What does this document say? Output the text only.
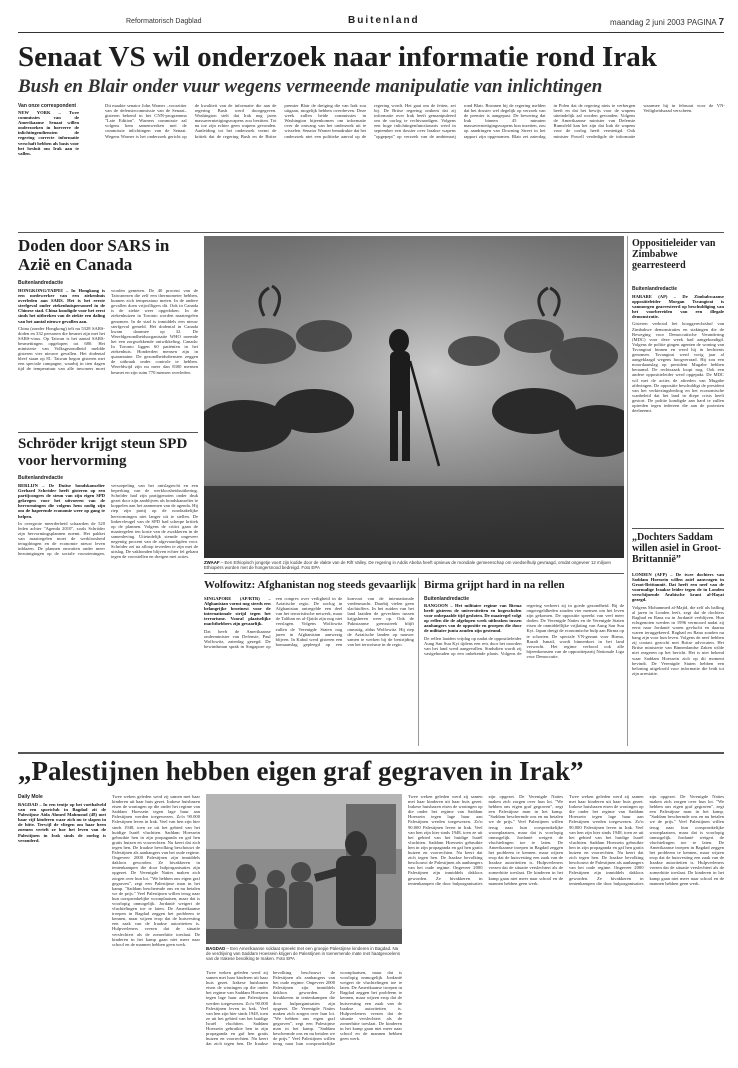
Reformatorisch Dagblad	Buitenland	maandag 2 juni 2003 PAGINA 7
Senaat VS wil onderzoek naar informatie rond Irak
Bush en Blair onder vuur wegens vermeende manipulatie van inlichtingen
Van onze correspondent

NEW YORK – Twee commissies van de Amerikaanse Senaat willen onderzoeken in hoeverre de inlichtingendiensten de regering correcte informatie verschaft hebben als basis voor het besluit om Irak aan te vallen.

Dit maakte senator John Warner –voorzitter van de defensiecommissie van de Senaat– gisteren bekend in het CNN-programma "Late Edition". Warners commissie zal volgens hem samenwerken met de commissie inlichtingen van de Senaat. Wegens Warner is het onderzoek gericht op de kwaliteit van de informatie die aan de regering Bush werd doorgegeven. Washington stelt dat Irak nog jaren massavernietigingswapens zou bezitten. Tot nu toe zijn echter geen wapens gevonden. Aanleiding tot het onderzoek vormt de kritiek dat de regering Bush en de Britse premier Blair de dreiging die van Irak zou uitgaan, mogelijk hebben overdreven. Deze week zullen beide commissies in Washington bijeenkomen om informatie over de omvang van het onderzoek uit te wisselen. Senator Warner benadrukte dat het onderzoek niet een politieke aanval op de regering wordt. Het gaat om de feiten, zei hij. De Britse regering ontkent dat zij informatie over Irak heeft gemanipuleerd om de oorlog te rechtvaardigen. Volgens een hoge inlichtingenfunctionaris werd in september een dossier over Iraakse wapens "opgepept" op verzoek van de ambtenarij rond Blair. Bronnen bij de regering melden dat het dossier wel degelijk op verzoek van de premier is aangepast. De bewering dat Irak binnen 45 minuten massavernietigingswapens kon inzetten, zou op aandringen van Downing Street in het rapport zijn opgenomen. Blair zei zaterdag in Polen dat de regering niets te verbergen heeft en dat het bewijs voor de wapens uiteindelijk zal worden gevonden. Volgens de Amerikaanse minister van Defensie Rumsfeld kan het zijn dat Irak de wapens voor de oorlog heeft vernietigd. Ook minister Powell verdedigde de informatie waarmee hij in februari voor de VN-Veiligheidsraad verscheen.

Doden door SARS in Azië en Canada
Buitenlandredactie

HONGKONG/TAIPEI – In Hongkong is een medewerker van een ziekenhuis overleden aan SARS. Het is het eerste sterfgeval onder ziekenhuispersoneel in de Chinese stad. China kondigde voor het eerst sinds het uitbreken van de ziekte een daling van het aantal nieuwe gevallen aan.

China (zonder Hongkong) telt nu 5328 SARS-doden en 332 personen die besmet zijn met het SARS-virus. Op Taiwan is het aantal SARS-besmettingen opgelopen tot 680. Het ministerie van Volksgezondheid meldde gisteren vier nieuwe gevallen. Het dodental bleef staan op 81. Taiwan begon gisteren met een speciale campagne, waarbij in tien dagen tijd de temperatuur van alle inwoners moet worden gemeten. De 40 procent van de Taiwanezen die zelf een thermometer hebben, kunnen zich temperatuur meten. In de andere gevallen doen vrijwilligers dit. Ook in Canada is de ziekte weer opgedoken. In de ziekenhuizen in Toronto worden maatregelen genomen. In de stad is inmiddels een nieuw sterfgeval gemeld. Het dodental in Canada kwam daarmee op 32. De Wereldgezondheidsorganisatie WHO noemde het een zorgwekkende ontwikkeling. Canada: In Toronto liggen 60 patiënten in het ziekenhuis. Honderden mensen zijn in quarantaine. De gezondheidsdiensten zeggen de uitbraak onder controle te hebben. Wereldwijd zijn nu meer dan 8300 mensen besmet en zijn ruim 770 mensen overleden.

ZWAAF – Een Ethiopisch jongetje voert zijn kudde door de vlakte van de Rift Valley. De regering in Addis Abeba heeft opnieuw de mondiale gemeenschap om voedselhulp gevraagd, omdat ongeveer 12 miljoen Ethiopiërs worden met de hongersnood bedreigd. Foto EPA
Oppositieleider van Zimbabwe gearresteerd
Buitenlandredactie

HARARE (AP) – De Zimbabwaanse oppositieleider Morgan Tsvangirai is vanmorgen gearresteerd op beschuldiging van het voorbereiden van een illegale demonstratie.

Gisteren verbood het hooggerechtshof van Zimbabwe demonstraties en stakingen die de Beweging voor Democratische Verandering (MDC) voor deze week had aangekondigd. Volgens de politie gingen agenten de woning van Tsvangirai binnen en werd hij in hechtenis genomen. Tsvangirai werd vorig jaar al aangeklaagd wegens hoogverraad. Hij zou een moordaanslag op president Mugabe hebben beraamd. De rechtszaak loopt nog. Ook een andere oppositieleider werd opgepakt. De MDC wil met de acties de aftreden van Mugabe afdwingen. De oppositie beschuldigt de president van het verkiezingsbedrog en het economische wanbeleid dat het land in diepe crisis heeft gestort. De politie kondigde aan hard te zullen optreden tegen iedereen die aan de protesten deelneemt.

„Dochters Saddam willen asiel in Groot-Brittannië”

LONDEN (AFP) – De twee dochters van Saddam Hoessein willen asiel aanvragen in Groot-Brittannië. Dat heeft een neef van de voormalige Iraakse leider tegen de in Londen verschijnende Arabische krant al-Hayat gezegd.

Volgens Mohammed al-Majid, die zelf als balling al jaren in Londen leeft, zegt dat de dochters Raghad en Rana nu in Jordanië verblijven. Hun echtgenoten werden in 1996 vermoord nadat zij eerst naar Jordanië waren gevlucht en daarna waren teruggekeerd. Raghad en Rana zouden nu bang zijn voor hun leven. Volgens de neef hebben zij contact gezocht met Britse advocaten. Het Britse ministerie van Binnenlandse Zaken wilde niet reageren op het bericht. Het is niet bekend waar Saddam Hoessein zich op dit moment bevindt. De Verenigde Staten hebben een beloning uitgeloofd voor informatie die leidt tot zijn arrestatie.

Schröder krijgt steun SPD voor hervorming
Buitenlandredactie

BERLIJN – De Duitse bondskanselier Gerhard Schröder heeft gisteren op een partijcongres de steun van zijn eigen SPD gekregen voor het uitvoeren van de hervormingen die volgens hem nodig zijn om de haperende economie weer op gang te helpen.

In overgrote meerderheid schaarden de 520 leden achter "Agenda 2010", zoals Schröder zijn hervormingsplannen noemt. Het pakket van maatregelen moet de werkloosheid terugdringen en de economie nieuw leven inblazen. De plannen omvatten onder meer bezuinigingen op de sociale voorzieningen, versoepeling van het ontslagrecht en een beperking van de werkloosheidsuitkering. Schröder had zijn partijgenoten onder druk gezet door zijn aanblijven als bondskanselier te koppelen aan het aannemen van de agenda. Hij riep zijn partij op de noodzakelijke hervormingen niet langer uit te stellen. De linkervleugel van de SPD had scherpe kritiek op de plannen. Volgens de critici gaan de maatregelen ten koste van de zwakkeren in de samenleving. Uiteindelijk stemde ongeveer negentig procent van de afgevaardigden voor. Schröder zei na afloop tevreden te zijn met de uitslag. De vakbonden blijven echter fel gekant tegen de voorstellen en dreigen met acties.

Wolfowitz: Afghanistan nog steeds gevaarlijk

SINGAPORE (AP/RTR) – Afghanistan vormt nog steeds een belangrijke broeinest voor de internationale strijd tegen het terrorisme. Vooral plaatselijke machthebbers zijn gevaarlijk.

Dat heeft de Amerikaanse onderminister van Defensie, Paul Wolfowitz, zaterdag gezegd. De bewindsman sprak in Singapore op een congres over veiligheid in de Aziatische regio. De oorlog in Afghanistan ontregelde een deel van het terroristische netwerk, maar de Taliban en al-Qaida zijn nog niet verslagen. Volgens Wolfowitz zullen de Verenigde Staten nog jaren in Afghanistan aanwezig blijven. In Kabul werd gisteren een bomaanslag gepleegd op een konvooi van de internationale vredesmacht. Daarbij vielen geen slachtoffers. In het zuiden van het land laaiden de gevechten tussen krijgsheren weer op. Ook de Pakistaanse grensstreek blijft onrustig, aldus Wolfowitz. Hij riep de Aziatische landen op nauwer samen te werken bij de bestrijding van het terrorisme in de regio.

Birma grijpt hard in na rellen
Buitenlandredactie

RANGOON – Het militaire regime van Birma heeft gisteren de universiteiten en hogescholen voor onbepaalde tijd gesloten. De maatregel volgt op rellen die de afgelopen week uitbraken tussen aanhangers van de oppositie en groepen die door de militaire junta zouden zijn gesteund.

De rellen laaiden vrijdag op nadat de oppositieleider Aung San Suu Kyi tijdens een reis door het noorden van het land werd aangevallen. Sindsdien wordt zij vastgehouden op een onbekende plaats. Volgens de regering verkeert zij in goede gezondheid. Bij de ongeregeldheden zouden vier mensen om het leven zijn gekomen. De oppositie spreekt van veel meer doden. De Verenigde Naties en de Verenigde Staten eisen de onmiddellijke vrijlating van Aung San Suu Kyi. Japan dreigt de economische hulp aan Birma op te schorten. De speciale VN-gezant voor Birma, Razali Ismail, wordt binnenkort in het land verwacht. Het regime verbood ook alle bijeenkomsten van de oppositiepartij Nationale Liga voor Democratie.

„Palestijnen hebben eigen graf gegraven in Irak”
Daily Mole

BAGDAD – In een tentje op het voetbalveld van een sportclub in Bagdad zit de Palestijnse Aida Ahmed Mahmoud (48) met haar vijf kinderen waar zich nu te slapen in de hitte. Terwijl de vliegen om haar heen zoemen vertelt ze hoe het leven van de Palestijnen in Irak sinds de oorlog is veranderd.

Twee weken geleden werd zij samen met haar kinderen uit haar huis gezet. Irakese huisbazen eisen de woningen op die onder het regime van Saddam Hoessein tegen lage huur aan Palestijnen werden toegewezen. Zo'n 90.000 Palestijnen leven in Irak. Veel van hen zijn hier sinds 1948, toen ze uit het gebied van het huidige Israël vluchtten. Saddam Hoessein gebruikte hen in zijn propaganda en gaf hen gratis huizen en voorrechten. Nu keert dat zich tegen hen. De Iraakse bevolking beschouwt de Palestijnen als aanhangers van het oude regime. Ongeveer 2000 Palestijnen zijn inmiddels dakloos geworden. Ze bivakkeren in tentenkampen die door hulporganisaties zijn opgezet. De Verenigde Naties maken zich zorgen over hun lot. "We hebben ons eigen graf gegraven", zegt een Palestijnse man in het kamp. "Saddam beschermde ons en nu betalen we de prijs." Veel Palestijnen willen terug naar hun oorspronkelijke woonplaatsen, maar dat is voorlopig onmogelijk. Jordanië weigert de vluchtelingen toe te laten. De Amerikaanse troepen in Bagdad zeggen het probleem te kennen, maar wijzen erop dat de huisvesting een zaak van de Iraakse autoriteiten is. Hulpverleners vrezen dat de situatie verslechtert als de zomerhitte toeslaat. De kinderen in het kamp gaan niet meer naar school en de mannen hebben geen werk.

BAGDAD – Een Amerikaanse soldaat spreekt met een groepje Palestijnse kinderen in Bagdad. Na de verdrijving van Saddam Hoessein krijgen de Palestijnen in toenemende mate met haatgevoelens van de Irakese bevolking te maken. Foto EPA

Twee weken geleden werd zij samen met haar kinderen uit haar huis gezet. Irakese huisbazen eisen de woningen op die onder het regime van Saddam Hoessein tegen lage huur aan Palestijnen werden toegewezen. Zo'n 90.000 Palestijnen leven in Irak. Veel van hen zijn hier sinds 1948, toen ze uit het gebied van het huidige Israël vluchtten. Saddam Hoessein gebruikte hen in zijn propaganda en gaf hen gratis huizen en voorrechten. Nu keert dat zich tegen hen. De Iraakse bevolking beschouwt de Palestijnen als aanhangers van het oude regime. Ongeveer 2000 Palestijnen zijn inmiddels dakloos geworden. Ze bivakkeren in tentenkampen die door hulporganisaties zijn opgezet. De Verenigde Naties maken zich zorgen over hun lot. "We hebben ons eigen graf gegraven", zegt een Palestijnse man in het kamp. "Saddam beschermde ons en nu betalen we de prijs." Veel Palestijnen willen terug naar hun oorspronkelijke woonplaatsen, maar dat is voorlopig onmogelijk. Jordanië weigert de vluchtelingen toe te laten. De Amerikaanse troepen in Bagdad zeggen het probleem te kennen, maar wijzen erop dat de huisvesting een zaak van de Iraakse autoriteiten is. Hulpverleners vrezen dat de situatie verslechtert als de zomerhitte toeslaat. De kinderen in het kamp gaan niet meer naar school en de mannen hebben geen werk.

Twee weken geleden werd zij samen met haar kinderen uit haar huis gezet. Irakese huisbazen eisen de woningen op die onder het regime van Saddam Hoessein tegen lage huur aan Palestijnen werden toegewezen. Zo'n 90.000 Palestijnen leven in Irak. Veel van hen zijn hier sinds 1948, toen ze uit het gebied van het huidige Israël vluchtten. Saddam Hoessein gebruikte hen in zijn propaganda en gaf hen gratis huizen en voorrechten. Nu keert dat zich tegen hen. De Iraakse bevolking beschouwt de Palestijnen als aanhangers van het oude regime. Ongeveer 2000 Palestijnen zijn inmiddels dakloos geworden. Ze bivakkeren in tentenkampen die door hulporganisaties zijn opgezet. De Verenigde Naties maken zich zorgen over hun lot. "We hebben ons eigen graf gegraven", zegt een Palestijnse man in het kamp. "Saddam beschermde ons en nu betalen we de prijs." Veel Palestijnen willen terug naar hun oorspronkelijke woonplaatsen, maar dat is voorlopig onmogelijk. Jordanië weigert de vluchtelingen toe te laten. De Amerikaanse troepen in Bagdad zeggen het probleem te kennen, maar wijzen erop dat de huisvesting een zaak van de Iraakse autoriteiten is. Hulpverleners vrezen dat de situatie verslechtert als de zomerhitte toeslaat. De kinderen in het kamp gaan niet meer naar school en de mannen hebben geen werk.

Twee weken geleden werd zij samen met haar kinderen uit haar huis gezet. Irakese huisbazen eisen de woningen op die onder het regime van Saddam Hoessein tegen lage huur aan Palestijnen werden toegewezen. Zo'n 90.000 Palestijnen leven in Irak. Veel van hen zijn hier sinds 1948, toen ze uit het gebied van het huidige Israël vluchtten. Saddam Hoessein gebruikte hen in zijn propaganda en gaf hen gratis huizen en voorrechten. Nu keert dat zich tegen hen. De Iraakse bevolking beschouwt de Palestijnen als aanhangers van het oude regime. Ongeveer 2000 Palestijnen zijn inmiddels dakloos geworden. Ze bivakkeren in tentenkampen die door hulporganisaties zijn opgezet. De Verenigde Naties maken zich zorgen over hun lot. "We hebben ons eigen graf gegraven", zegt een Palestijnse man in het kamp. "Saddam beschermde ons en nu betalen we de prijs." Veel Palestijnen willen terug naar hun oorspronkelijke woonplaatsen, maar dat is voorlopig onmogelijk. Jordanië weigert de vluchtelingen toe te laten. De Amerikaanse troepen in Bagdad zeggen het probleem te kennen, maar wijzen erop dat de huisvesting een zaak van de Iraakse autoriteiten is. Hulpverleners vrezen dat de situatie verslechtert als de zomerhitte toeslaat. De kinderen in het kamp gaan niet meer naar school en de mannen hebben geen werk.
